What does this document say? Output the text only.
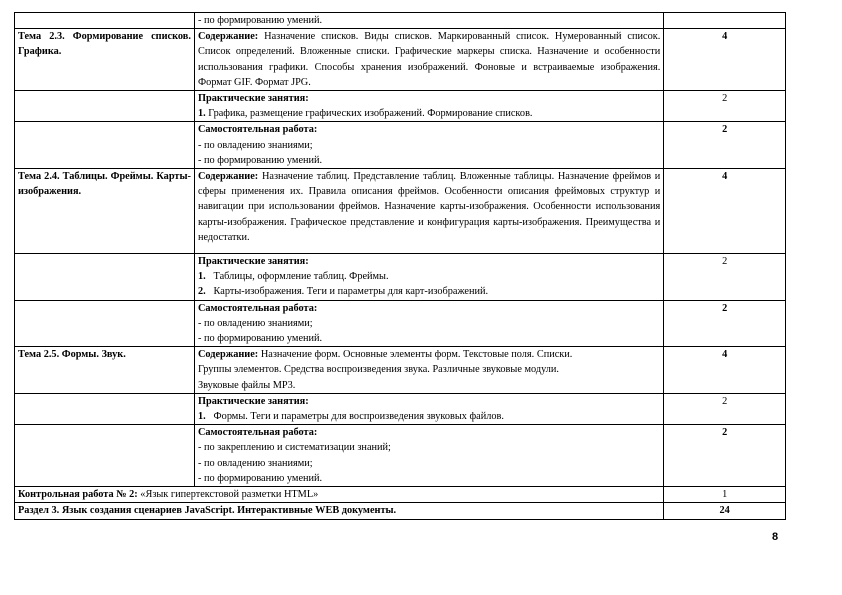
	- по формированию умений.	
Тема 2.3. Формирование списков. Графика.	Содержание: Назначение списков. Виды списков. Маркированный список. Нумерованный список. Список определений. Вложенные списки. Графические маркеры списка. Назначение и особенности использования графики. Способы хранения изображений. Фоновые и встраиваемые изображения. Формат GIF. Формат JPG.	4

	Практические занятия:
1. Графика, размещение графических изображений. Формирование списков.	2

	Самостоятельная работа:
- по овладению знаниями;
- по формированию умений.	2
Тема 2.4. Таблицы. Фреймы. Карты-изображения.	Содержание: Назначение таблиц. Представление таблиц. Вложенные таблицы. Назначение фреймов и сферы применения их. Правила описания фреймов. Особенности описания фреймовых структур и навигации при использовании фреймов. Назначение карты-изображения. Особенности использования карты-изображения. Графическое представление и конфигурация карты-изображения. Преимущества и недостатки.	4

	Практические занятия:
1. Таблицы, оформление таблиц. Фреймы.
2. Карты-изображения. Теги и параметры для карт-изображений.	2

	Самостоятельная работа:
- по овладению знаниями;
- по формированию умений.	2
Тема 2.5. Формы. Звук.	Содержание: Назначение форм. Основные элементы форм. Текстовые поля. Списки.
Группы элементов. Средства воспроизведения звука. Различные звуковые модули.
Звуковые файлы MP3.	4

	Практические занятия:
1. Формы. Теги и параметры для воспроизведения звуковых файлов.	2

	Самостоятельная работа:
- по закреплению и систематизации знаний;
- по овладению знаниями;
- по формированию умений.	2
Контрольная работа № 2: «Язык гипертекстовой разметки HTML»		1
Раздел 3. Язык создания сценариев JavaScript. Интерактивные WEB документы.		24
8
